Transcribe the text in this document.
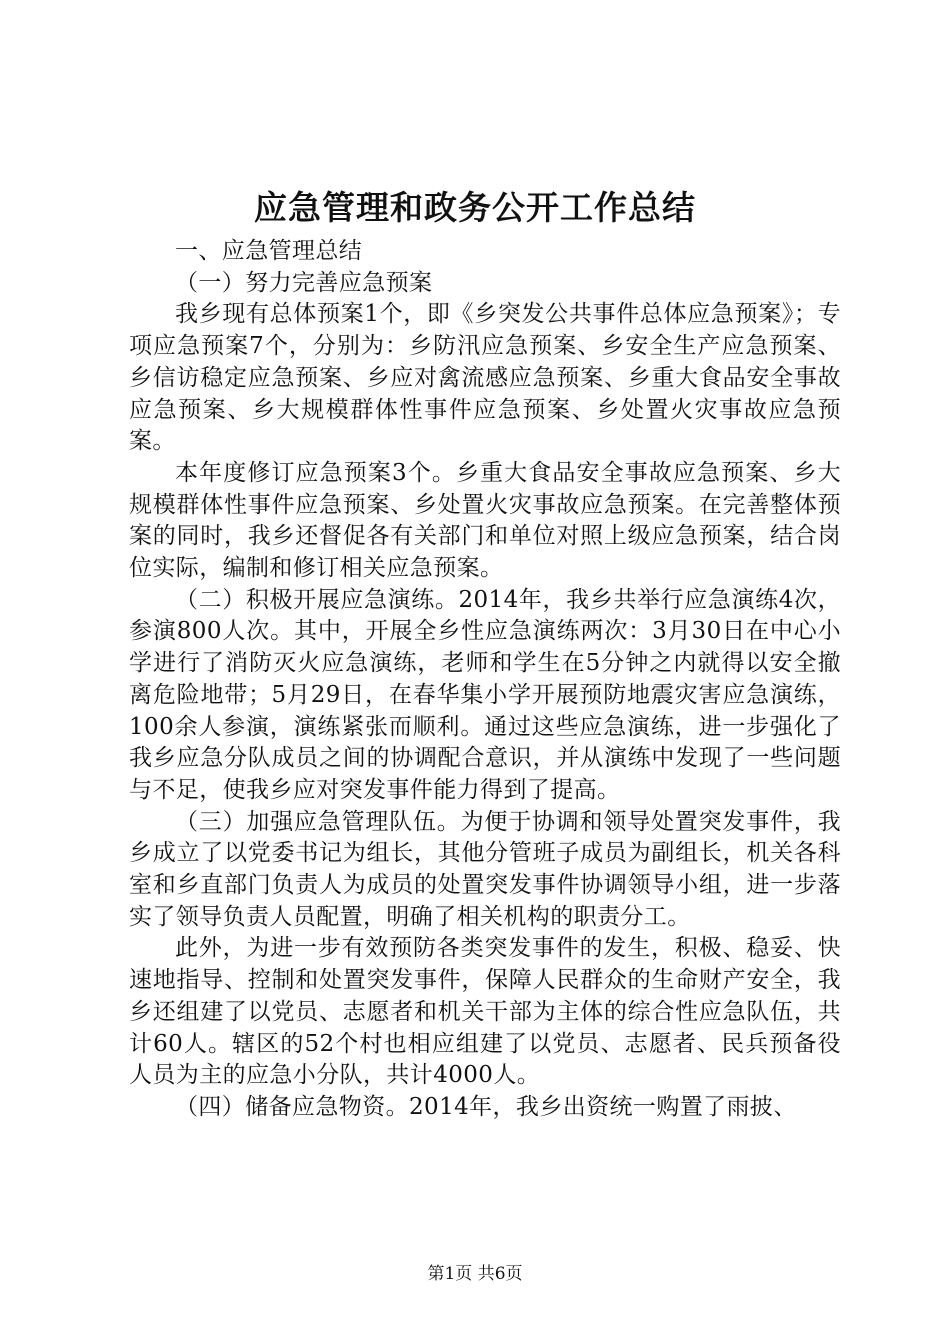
应急管理和政务公开工作总结

一、应急管理总结

（一）努力完善应急预案

我乡现有总体预案1个，即《乡突发公共事件总体应急预案》；专项应急预案7个，分别为：乡防汛应急预案、乡安全生产应急预案、乡信访稳定应急预案、乡应对禽流感应急预案、乡重大食品安全事故应急预案、乡大规模群体性事件应急预案、乡处置火灾事故应急预案。

本年度修订应急预案3个。乡重大食品安全事故应急预案、乡大规模群体性事件应急预案、乡处置火灾事故应急预案。在完善整体预案的同时，我乡还督促各有关部门和单位对照上级应急预案，结合岗位实际，编制和修订相关应急预案。

（二）积极开展应急演练。2014年，我乡共举行应急演练4次，参演800人次。其中，开展全乡性应急演练两次：3月30日在中心小学进行了消防灭火应急演练，老师和学生在5分钟之内就得以安全撤离危险地带；5月29日，在春华集小学开展预防地震灾害应急演练，100余人参演，演练紧张而顺利。通过这些应急演练，进一步强化了我乡应急分队成员之间的协调配合意识，并从演练中发现了一些问题与不足，使我乡应对突发事件能力得到了提高。

（三）加强应急管理队伍。为便于协调和领导处置突发事件，我乡成立了以党委书记为组长，其他分管班子成员为副组长，机关各科室和乡直部门负责人为成员的处置突发事件协调领导小组，进一步落实了领导负责人员配置，明确了相关机构的职责分工。

此外，为进一步有效预防各类突发事件的发生，积极、稳妥、快速地指导、控制和处置突发事件，保障人民群众的生命财产安全，我乡还组建了以党员、志愿者和机关干部为主体的综合性应急队伍，共计60人。辖区的52个村也相应组建了以党员、志愿者、民兵预备役人员为主的应急小分队，共计4000人。

（四）储备应急物资。2014年，我乡出资统一购置了雨披、

第1页 共6页
